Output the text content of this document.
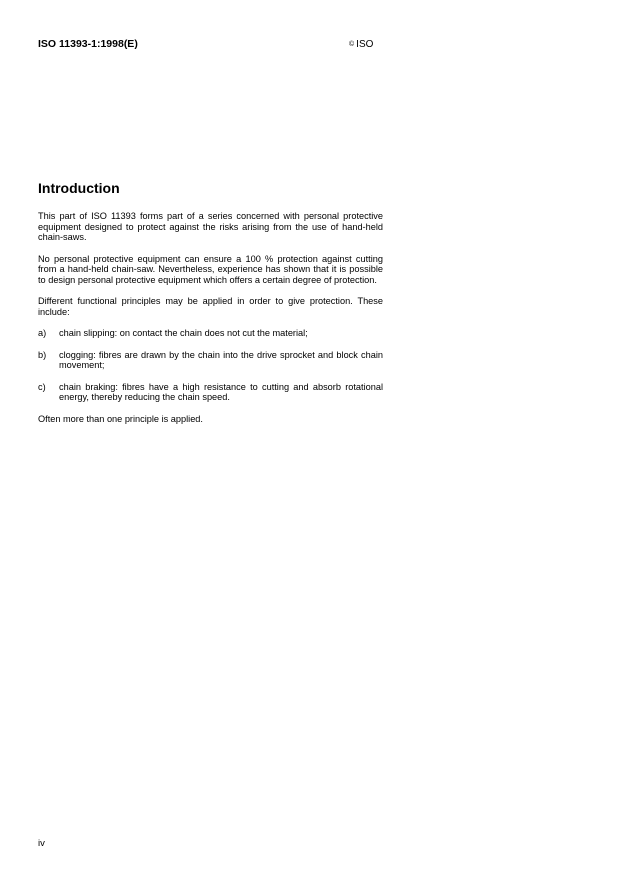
ISO 11393-1:1998(E)	© ISO
Introduction

This part of ISO 11393 forms part of a series concerned with personal protective equipment designed to protect against the risks arising from the use of hand-held chain-saws.

No personal protective equipment can ensure a 100 % protection against cutting from a hand-held chain-saw. Nevertheless, experience has shown that it is possible to design personal protective equipment which offers a certain degree of protection.

Different functional principles may be applied in order to give protection. These include:

a)	chain slipping: on contact the chain does not cut the material;
b)	clogging: fibres are drawn by the chain into the drive sprocket and block chain movement;
c)	chain braking: fibres have a high resistance to cutting and absorb rotational energy, thereby reducing the chain speed.

Often more than one principle is applied.

iv
